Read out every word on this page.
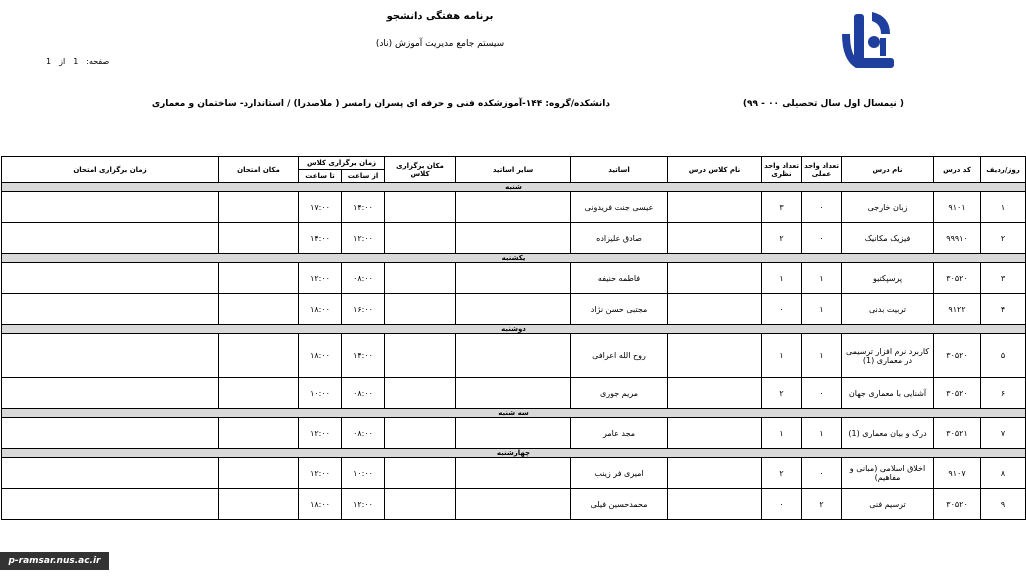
برنامه هفتگی دانشجو
سیستم جامع مدیریت آموزش (ناد)
صفحه:1از1
( نیمسال اول سال تحصیلی ۰۰ - ۹۹)
دانشکده/گروه: ۱۴۴-آموزشکده فنی و حرفه ای پسران رامسر ( ملاصدرا) / استاندارد- ساختمان و معماری
روز/ردیف	کد درس	نام درس	تعداد واحد عملی	تعداد واحد نظری	نام کلاس درس	اساتید	سایر اساتید	مکان برگزاری کلاس	زمان برگزاری کلاس		مکان امتحان	زمان برگزاری امتحان
									از ساعت	تا ساعت		
شنبه												
۱	۹۱۰۱	زبان خارجی	۰	۳		عیسی جنت فریدونی			۱۴:۰۰	۱۷:۰۰		
۲	۹۹۹۱۰	فیزیک مکانیک	۰	۲		صادق علیزاده			۱۲:۰۰	۱۴:۰۰		
یکشنبه												
۳	۳۰۵۲۰	پرسپکتیو	۱	۱		فاطمه حنیفه			۰۸:۰۰	۱۲:۰۰		
۴	۹۱۲۲	تربیت بدنی	۱	۰		مجتبی حسن نژاد			۱۶:۰۰	۱۸:۰۰		
دوشنبه												
۵	۳۰۵۲۰	کاربرد نرم افزار ترسیمی در معماری (1)	۱	۱		روح الله اعرافی			۱۴:۰۰	۱۸:۰۰		
۶	۳۰۵۲۰	آشنایی با معماری جهان	۰	۲		مریم جوری			۰۸:۰۰	۱۰:۰۰		
سه شنبه												
۷	۳۰۵۲۱	درک و بیان معماری (1)	۱	۱		مجد عامر			۰۸:۰۰	۱۲:۰۰		
چهارشنبه												
۸	۹۱۰۷	اخلاق اسلامی (مبانی و مفاهیم)	۰	۲		امیری فر زینب			۱۰:۰۰	۱۲:۰۰		
۹	۳۰۵۲۰	ترسیم فنی	۲	۰		محمدحسین فیلی			۱۲:۰۰	۱۸:۰۰		
p-ramsar.nus.ac.ir
